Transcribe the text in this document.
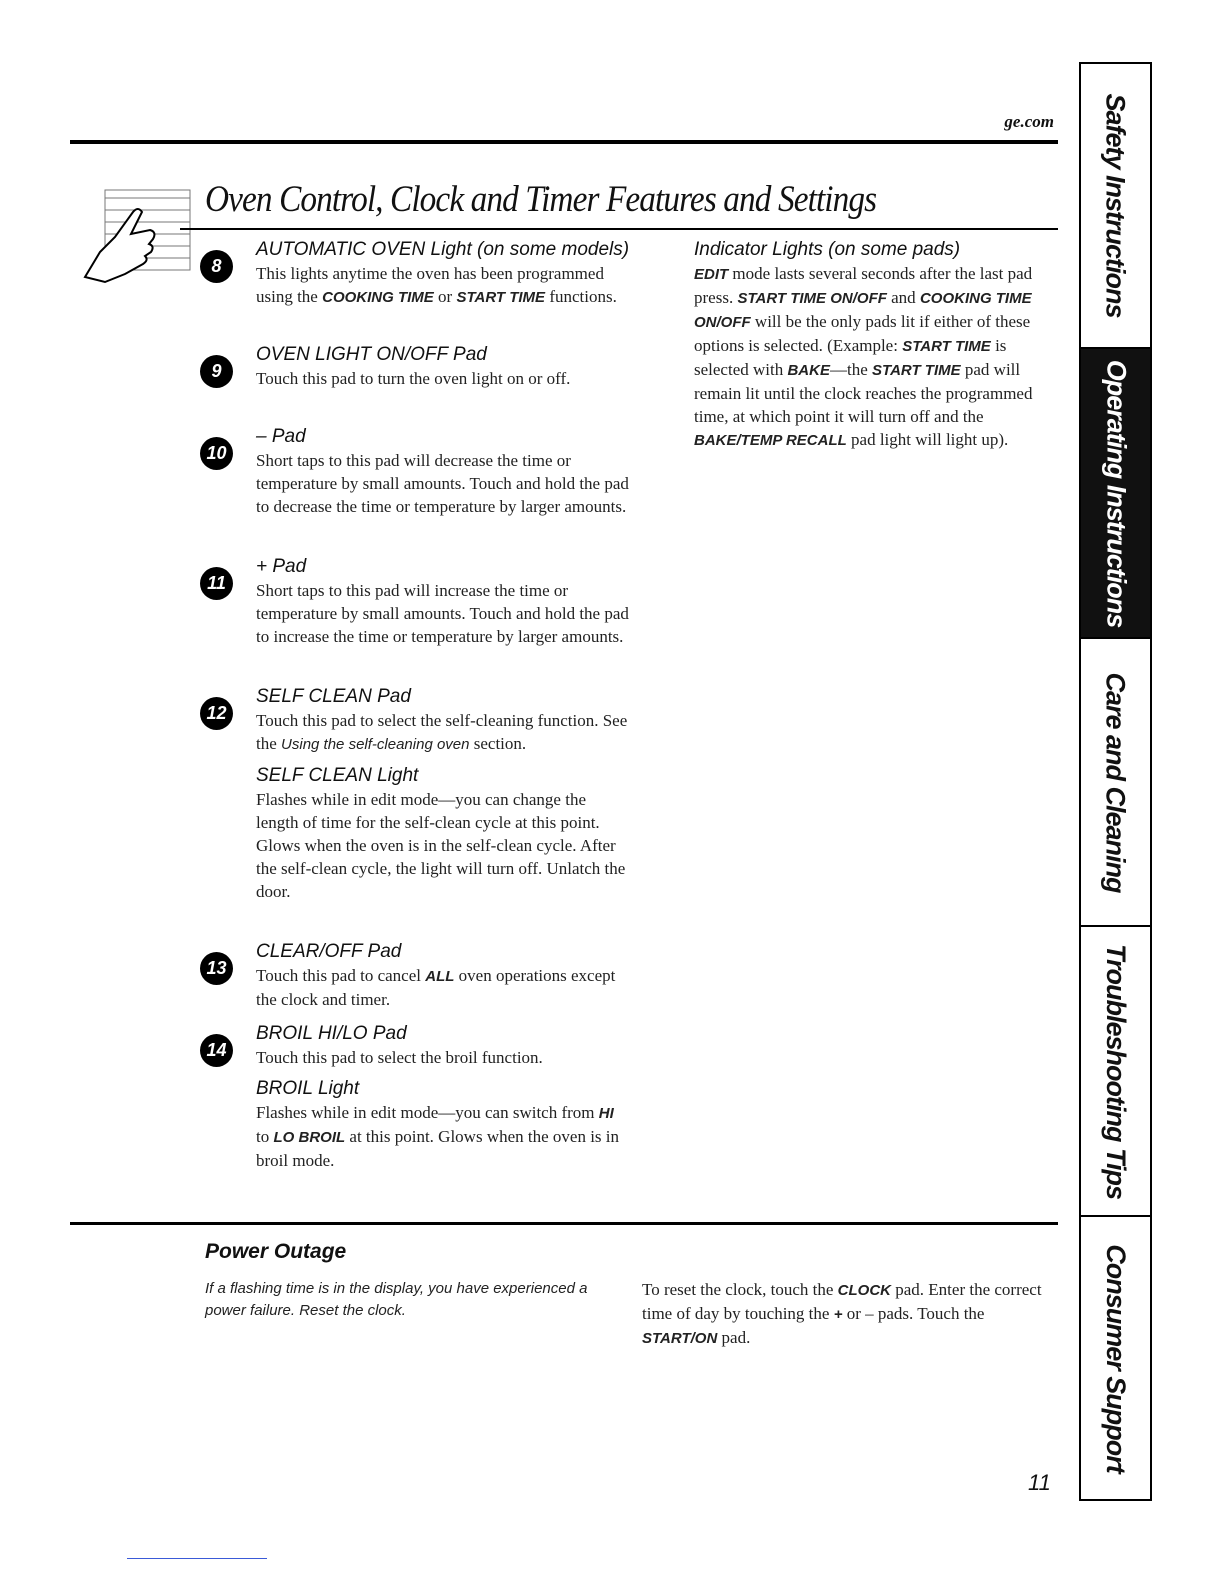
ge.com
Oven Control, Clock and Timer Features and Settings
8
AUTOMATIC OVEN Light (on some models)
This lights anytime the oven has been programmed using the COOKING TIME or START TIME functions.
9
OVEN LIGHT ON/OFF Pad
Touch this pad to turn the oven light on or off.
10
– Pad
Short taps to this pad will decrease the time or temperature by small amounts. Touch and hold the pad to decrease the time or temperature by larger amounts.
11
+ Pad
Short taps to this pad will increase the time or temperature by small amounts. Touch and hold the pad to increase the time or temperature by larger amounts.
12
SELF CLEAN Pad
Touch this pad to select the self-cleaning function. See the Using the self-cleaning oven section.
SELF CLEAN Light
Flashes while in edit mode—you can change the length of time for the self-clean cycle at this point. Glows when the oven is in the self-clean cycle. After the self-clean cycle, the light will turn off. Unlatch the door.
13
CLEAR/OFF Pad
Touch this pad to cancel ALL oven operations except the clock and timer.
14
BROIL HI/LO Pad
Touch this pad to select the broil function.
BROIL Light
Flashes while in edit mode—you can switch from HI to LO BROIL at this point. Glows when the oven is in broil mode.
Indicator Lights (on some pads)
EDIT mode lasts several seconds after the last pad press. START TIME ON/OFF and COOKING TIME ON/OFF will be the only pads lit if either of these options is selected. (Example: START TIME is selected with BAKE—the START TIME pad will remain lit until the clock reaches the programmed time, at which point it will turn off and the BAKE/TEMP RECALL pad light will light up).
Power Outage
If a flashing time is in the display, you have experienced a power failure. Reset the clock.
To reset the clock, touch the CLOCK pad. Enter the correct time of day by touching the + or – pads. Touch the START/ON pad.
11
Safety Instructions
Operating Instructions
Care and Cleaning
Troubleshooting Tips
Consumer Support
